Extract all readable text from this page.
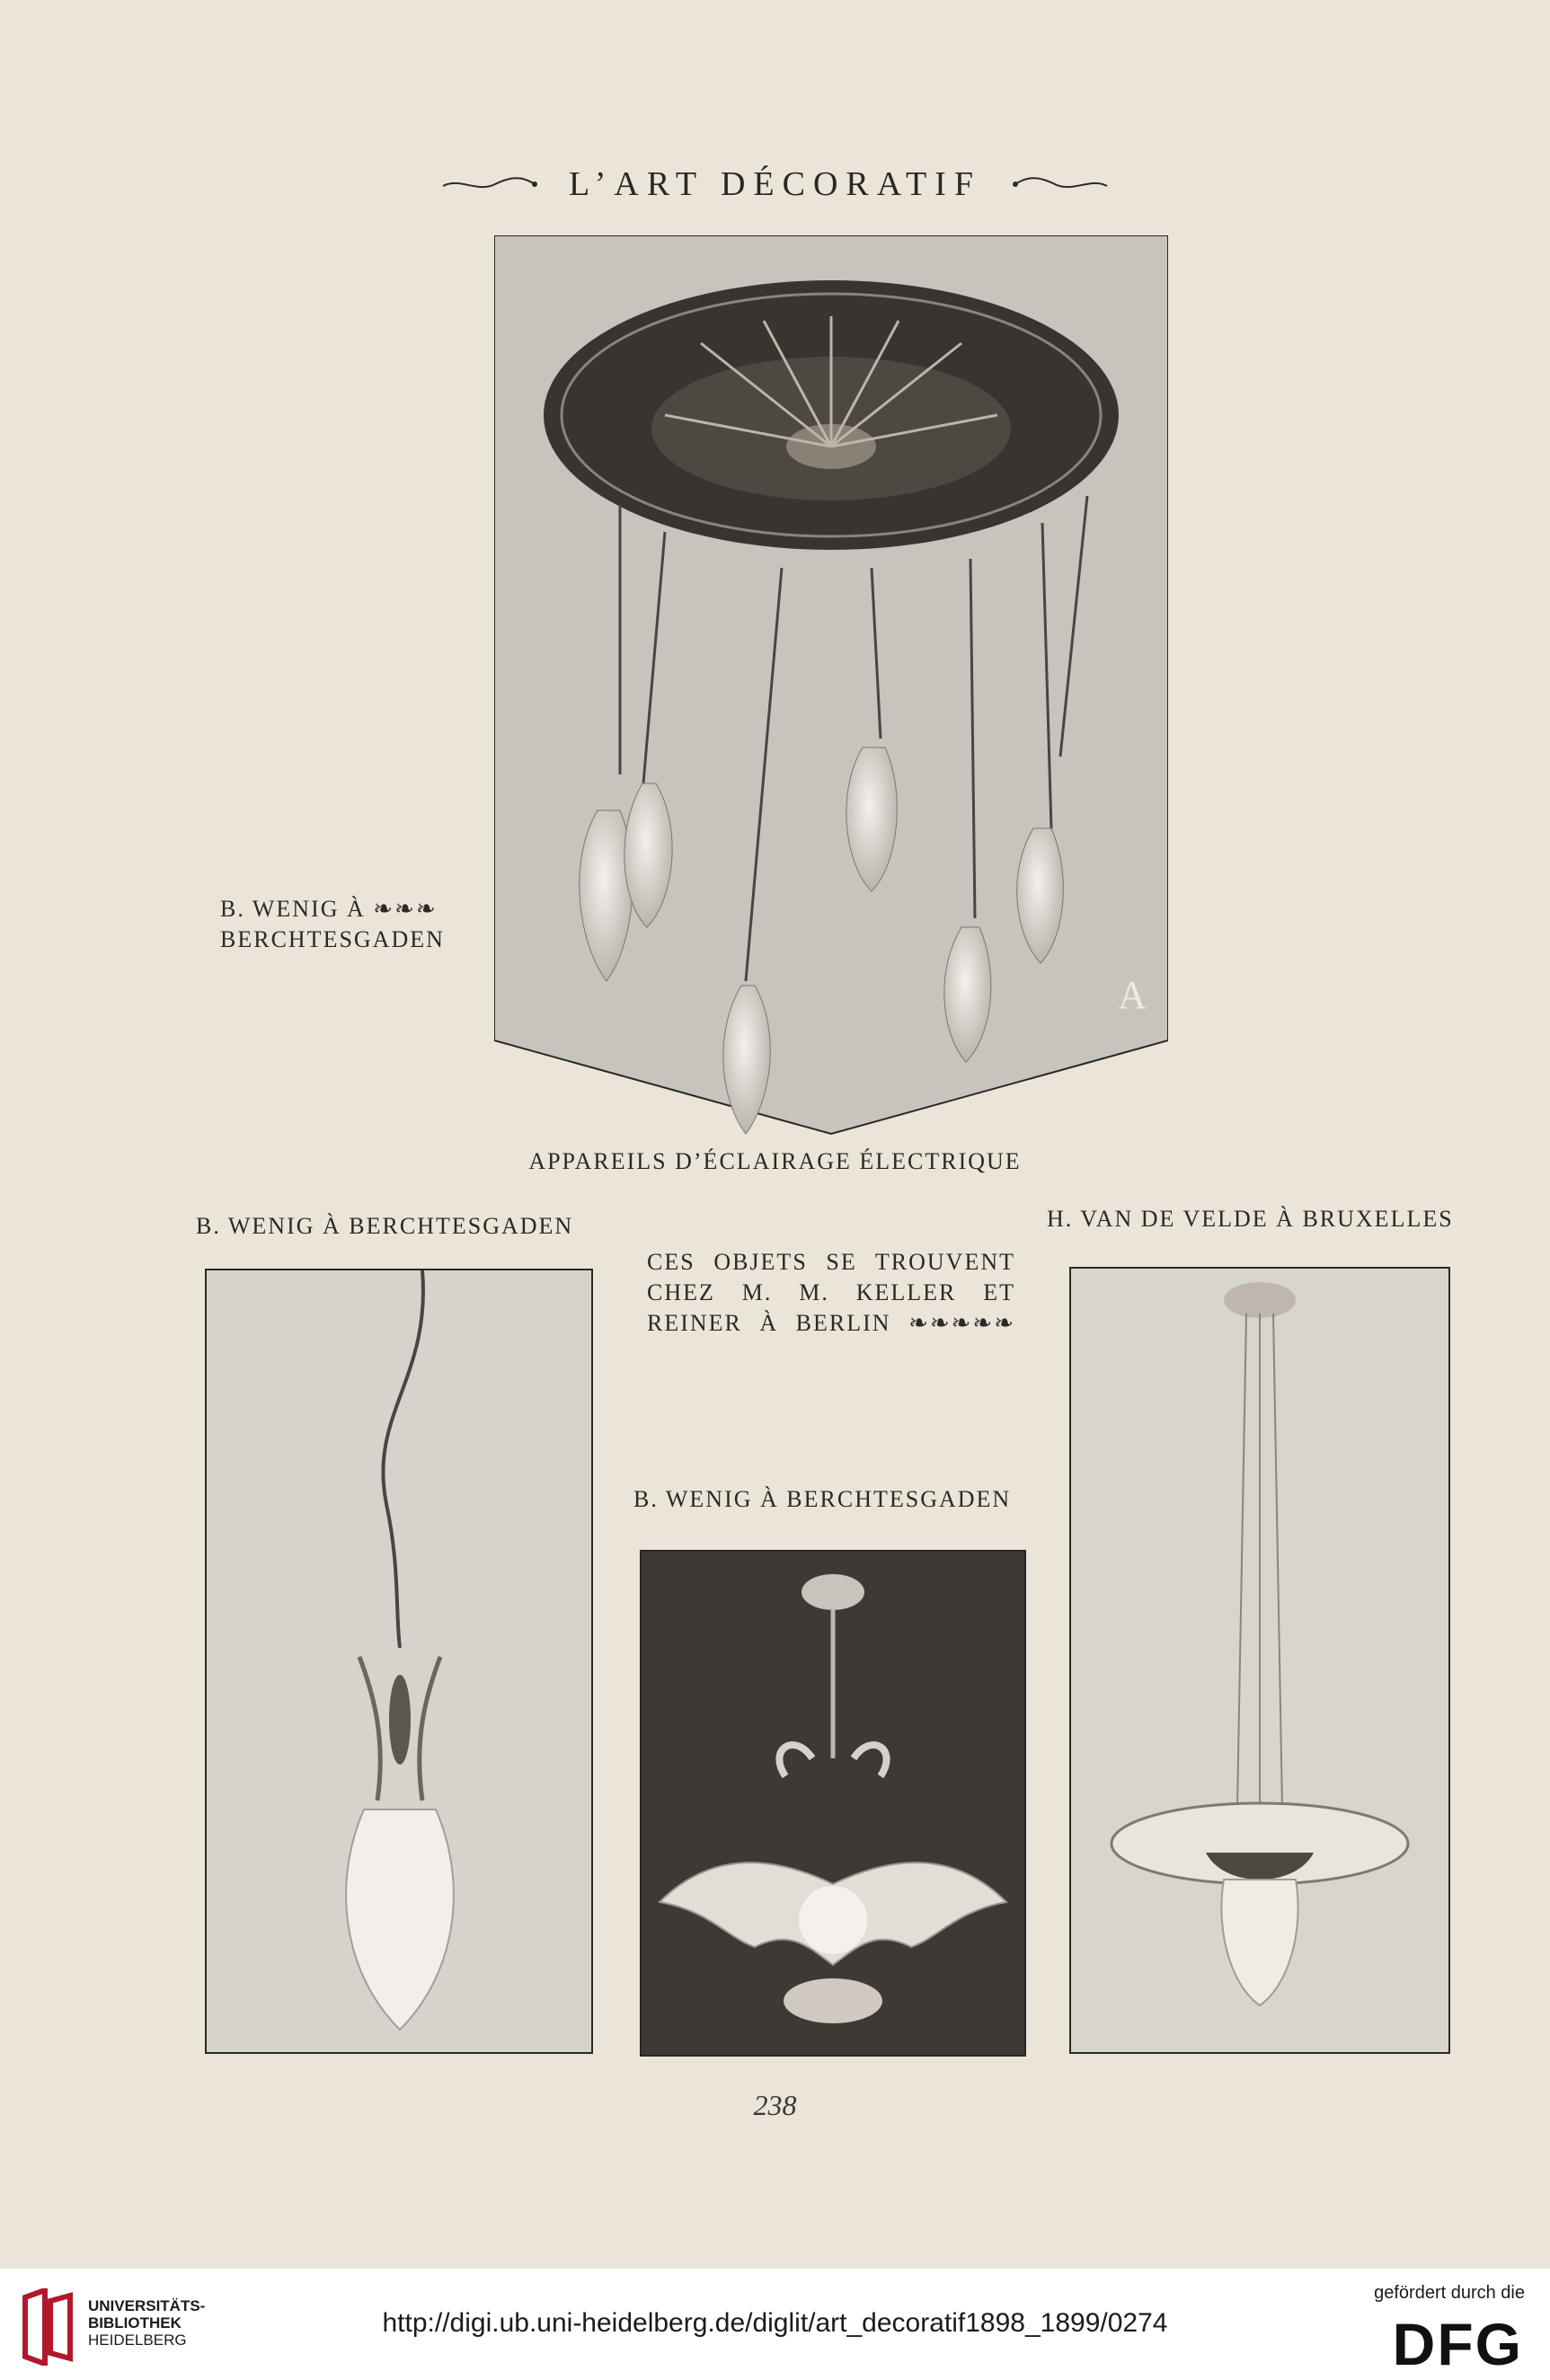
L’ART DÉCORATIF
A
B. WENIG À ❧❧❧
BERCHTESGADEN
APPAREILS D’ÉCLAIRAGE ÉLECTRIQUE
B. WENIG À BERCHTESGADEN	H. VAN DE VELDE À BRUXELLES
CES OBJETS SE TROUVENT
CHEZ M. M. KELLER ET
REINER À BERLIN ❧❧❧❧❧
B. WENIG À BERCHTESGADEN
238
UNIVERSITÄTS-
BIBLIOTHEK
HEIDELBERG
http://digi.ub.uni-heidelberg.de/diglit/art_decoratif1898_1899/0274
gefördert durch die
DFG
